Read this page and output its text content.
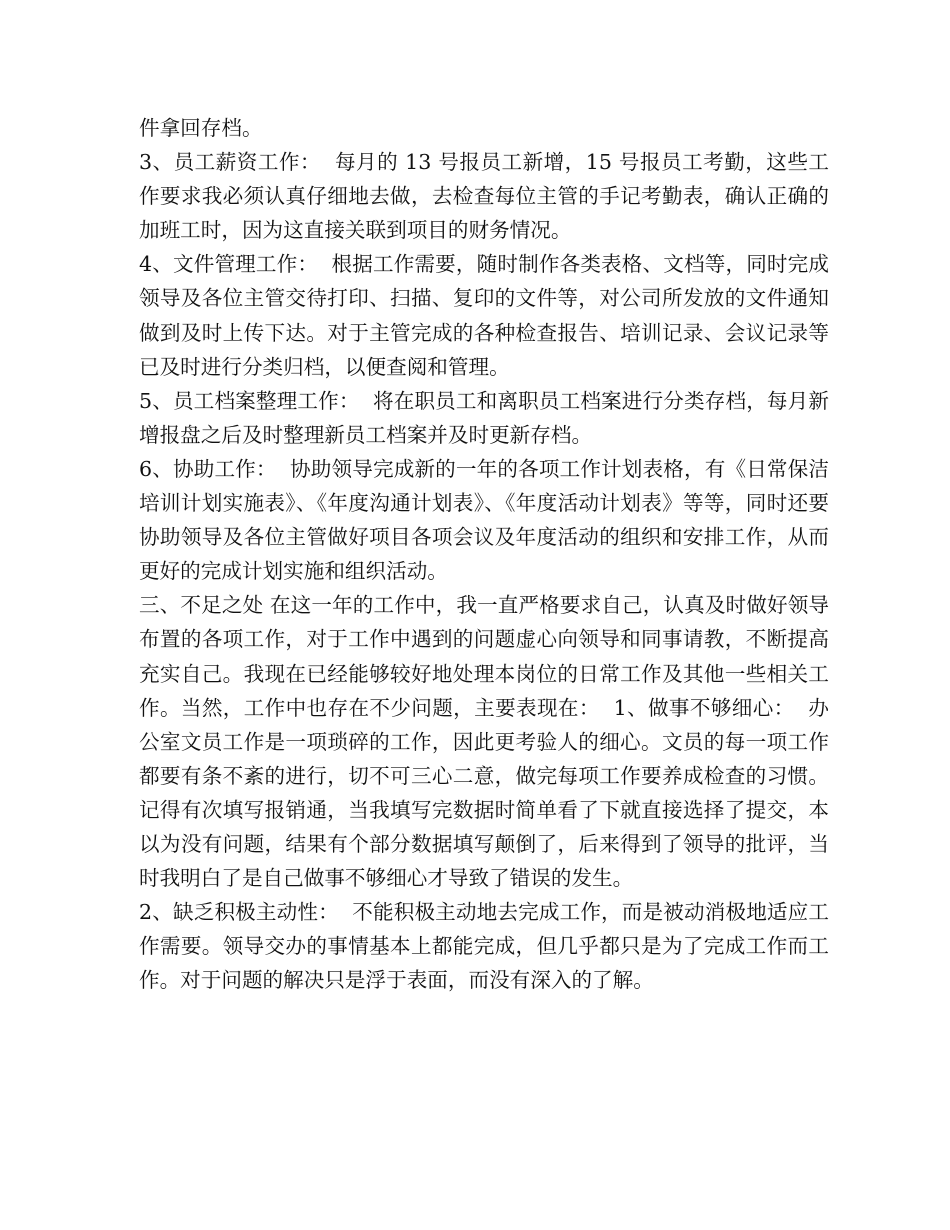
件拿回存档。

3、员工薪资工作：  每月的 13 号报员工新增，15 号报员工考勤，这些工作要求我必须认真仔细地去做，去检查每位主管的手记考勤表，确认正确的加班工时，因为这直接关联到项目的财务情况。

4、文件管理工作：  根据工作需要，随时制作各类表格、文档等，同时完成领导及各位主管交待打印、扫描、复印的文件等，对公司所发放的文件通知做到及时上传下达。对于主管完成的各种检查报告、培训记录、会议记录等已及时进行分类归档，以便查阅和管理。

5、员工档案整理工作：  将在职员工和离职员工档案进行分类存档，每月新增报盘之后及时整理新员工档案并及时更新存档。

6、协助工作：  协助领导完成新的一年的各项工作计划表格，有《日常保洁培训计划实施表》、《年度沟通计划表》、《年度活动计划表》等等，同时还要协助领导及各位主管做好项目各项会议及年度活动的组织和安排工作，从而更好的完成计划实施和组织活动。

三、不足之处 在这一年的工作中，我一直严格要求自己，认真及时做好领导布置的各项工作，对于工作中遇到的问题虚心向领导和同事请教，不断提高充实自己。我现在已经能够较好地处理本岗位的日常工作及其他一些相关工作。当然，工作中也存在不少问题，主要表现在：  1、做事不够细心：  办公室文员工作是一项琐碎的工作，因此更考验人的细心。文员的每一项工作都要有条不紊的进行，切不可三心二意，做完每项工作要养成检查的习惯。记得有次填写报销通，当我填写完数据时简单看了下就直接选择了提交，本以为没有问题，结果有个部分数据填写颠倒了，后来得到了领导的批评，当时我明白了是自己做事不够细心才导致了错误的发生。

2、缺乏积极主动性：  不能积极主动地去完成工作，而是被动消极地适应工作需要。领导交办的事情基本上都能完成，但几乎都只是为了完成工作而工作。对于问题的解决只是浮于表面，而没有深入的了解。
